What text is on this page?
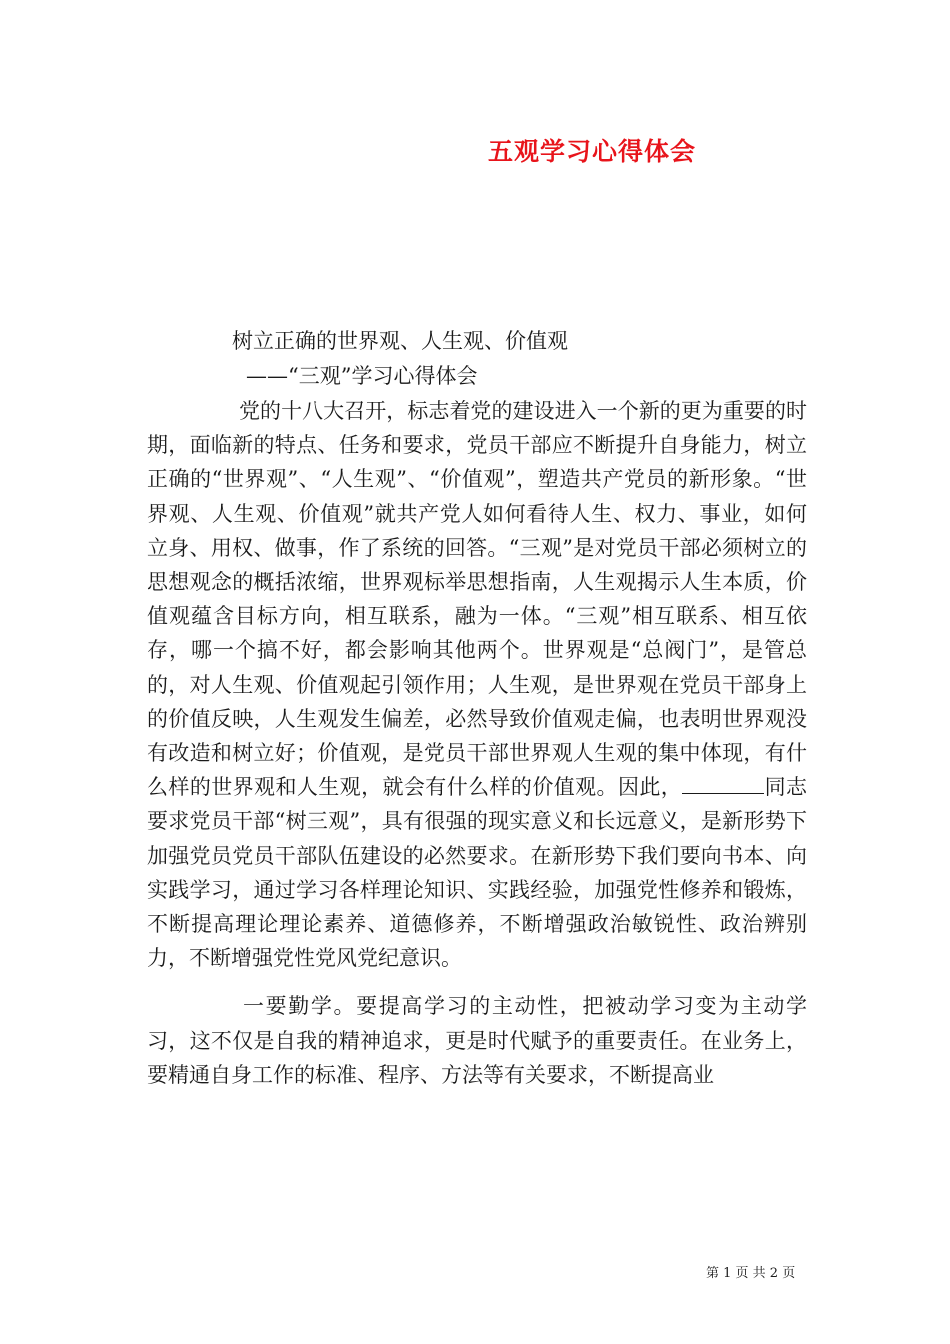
五观学习心得体会
树立正确的世界观、人生观、价值观
——“三观”学习心得体会

党的十八大召开，标志着党的建设进入一个新的更为重要的时期，面临新的特点、任务和要求，党员干部应不断提升自身能力，树立正确的“世界观”、“人生观”、“价值观”，塑造共产党员的新形象。“世界观、人生观、价值观”就共产党人如何看待人生、权力、事业，如何立身、用权、做事，作了系统的回答。“三观”是对党员干部必须树立的思想观念的概括浓缩，世界观标举思想指南，人生观揭示人生本质，价值观蕴含目标方向，相互联系，融为一体。“三观”相互联系、相互依存，哪一个搞不好，都会影响其他两个。世界观是“总阀门”，是管总的，对人生观、价值观起引领作用；人生观，是世界观在党员干部身上的价值反映，人生观发生偏差，必然导致价值观走偏，也表明世界观没有改造和树立好；价值观，是党员干部世界观人生观的集中体现，有什么样的世界观和人生观，就会有什么样的价值观。因此，	同志要求党员干部“树三观”，具有很强的现实意义和长远意义，是新形势下加强党员党员干部队伍建设的必然要求。在新形势下我们要向书本、向实践学习，通过学习各样理论知识、实践经验，加强党性修养和锻炼，不断提高理论理论素养、道德修养，不断增强政治敏锐性、政治辨别力，不断增强党性党风党纪意识。

一要勤学。要提高学习的主动性，把被动学习变为主动学习，这不仅是自我的精神追求，更是时代赋予的重要责任。在业务上，要精通自身工作的标准、程序、方法等有关要求，不断提高业

第 1 页 共 2 页
